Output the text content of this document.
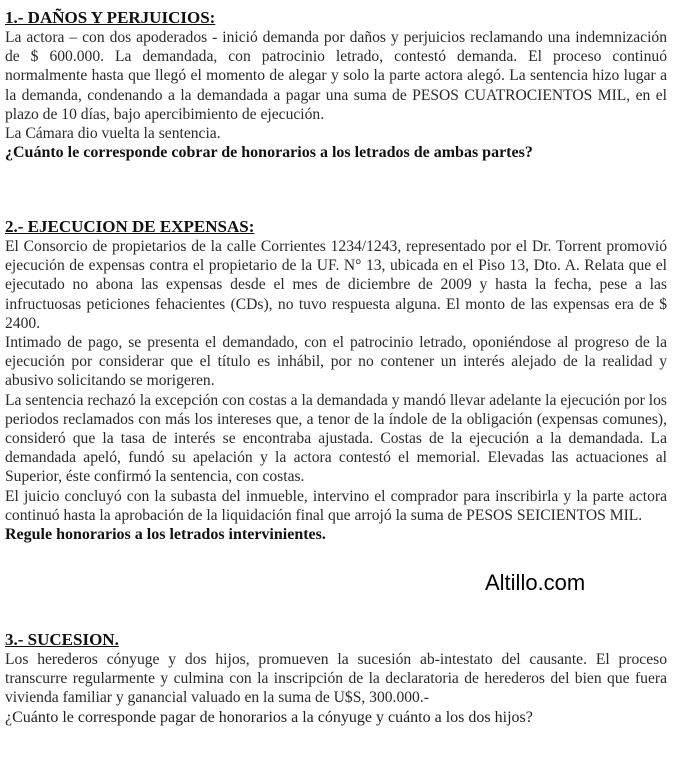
1.- DAÑOS Y PERJUICIOS:

La actora – con dos apoderados - inició demanda por daños y perjuicios reclamando una indemnización de $ 600.000. La demandada, con patrocinio letrado, contestó demanda. El proceso continuó normalmente hasta que llegó el momento de alegar y solo la parte actora alegó. La sentencia hizo lugar a la demanda, condenando a la demandada a pagar una suma de PESOS CUATROCIENTOS MIL, en el plazo de 10 días, bajo apercibimiento de ejecución.

La Cámara dio vuelta la sentencia.

¿Cuánto le corresponde cobrar de honorarios a los letrados de ambas partes?

2.- EJECUCION DE EXPENSAS:

El Consorcio de propietarios de la calle Corrientes 1234/1243, representado por el Dr. Torrent promovió ejecución de expensas contra el propietario de la UF. N° 13, ubicada en el Piso 13, Dto. A. Relata que el ejecutado no abona las expensas desde el mes de diciembre de 2009 y hasta la fecha, pese a las infructuosas peticiones fehacientes (CDs), no tuvo respuesta alguna. El monto de las expensas era de $ 2400.

Intimado de pago, se presenta el demandado, con el patrocinio letrado, oponiéndose al progreso de la ejecución por considerar que el título es inhábil, por no contener un interés alejado de la realidad y abusivo solicitando se morigeren.

La sentencia rechazó la excepción con costas a la demandada y mandó llevar adelante la ejecución por los periodos reclamados con más los intereses que, a tenor de la índole de la obligación (expensas comunes), consideró que la tasa de interés se encontraba ajustada. Costas de la ejecución a la demandada. La demandada apeló, fundó su apelación y la actora contestó el memorial. Elevadas las actuaciones al Superior, éste confirmó la sentencia, con costas.

El juicio concluyó con la subasta del inmueble, intervino el comprador para inscribirla y la parte actora continuó hasta la aprobación de la liquidación final que arrojó la suma de PESOS SEICIENTOS MIL.

Regule honorarios a los letrados intervinientes.

Altillo.com
3.- SUCESION.

Los herederos cónyuge y dos hijos, promueven la sucesión ab-intestato del causante. El proceso transcurre regularmente y culmina con la inscripción de la declaratoria de herederos del bien que fuera vivienda familiar y ganancial valuado en la suma de U$S, 300.000.-

¿Cuánto le corresponde pagar de honorarios a la cónyuge y cuánto a los dos hijos?
